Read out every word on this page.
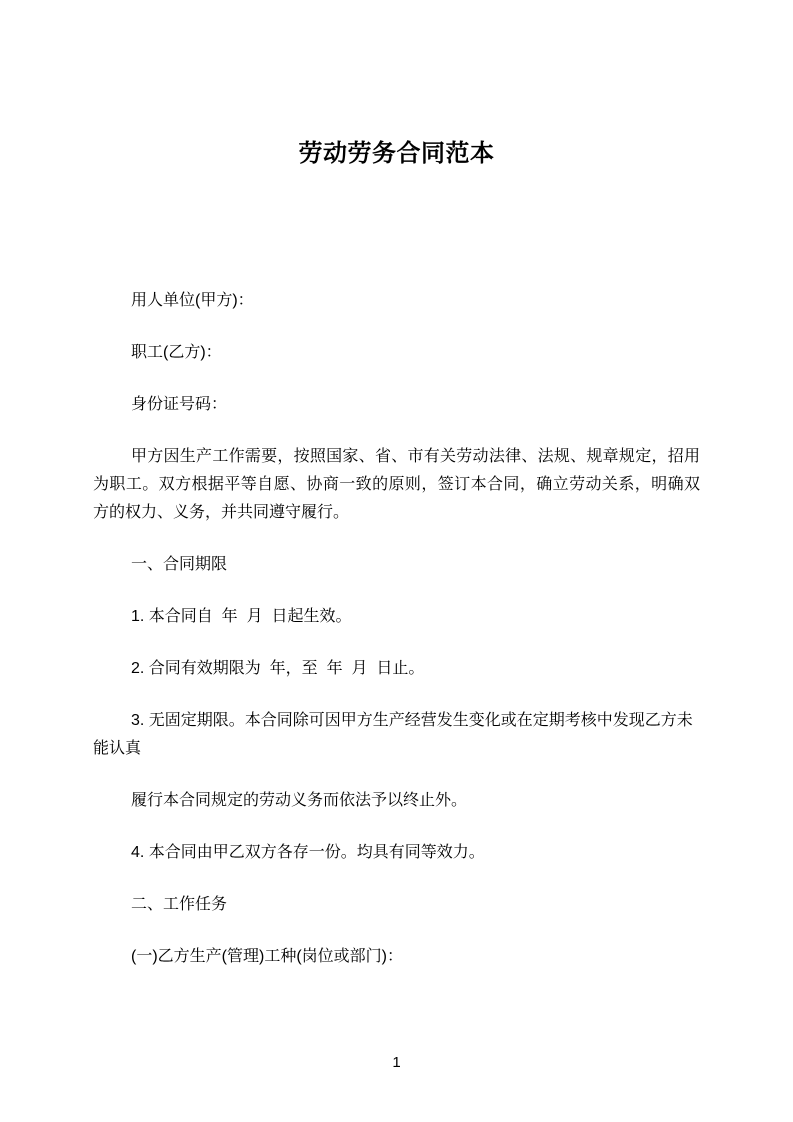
劳动劳务合同范本

用人单位(甲方)：

职工(乙方)：

身份证号码：

甲方因生产工作需要，按照国家、省、市有关劳动法律、法规、规章规定，招用为职工。双方根据平等自愿、协商一致的原则，签订本合同，确立劳动关系，明确双方的权力、义务，并共同遵守履行。

一、合同期限

1. 本合同自  年  月  日起生效。

2. 合同有效期限为  年，至  年  月  日止。

3. 无固定期限。本合同除可因甲方生产经营发生变化或在定期考核中发现乙方未能认真

履行本合同规定的劳动义务而依法予以终止外。

4. 本合同由甲乙双方各存一份。均具有同等效力。

二、工作任务

(一)乙方生产(管理)工种(岗位或部门)：

1
